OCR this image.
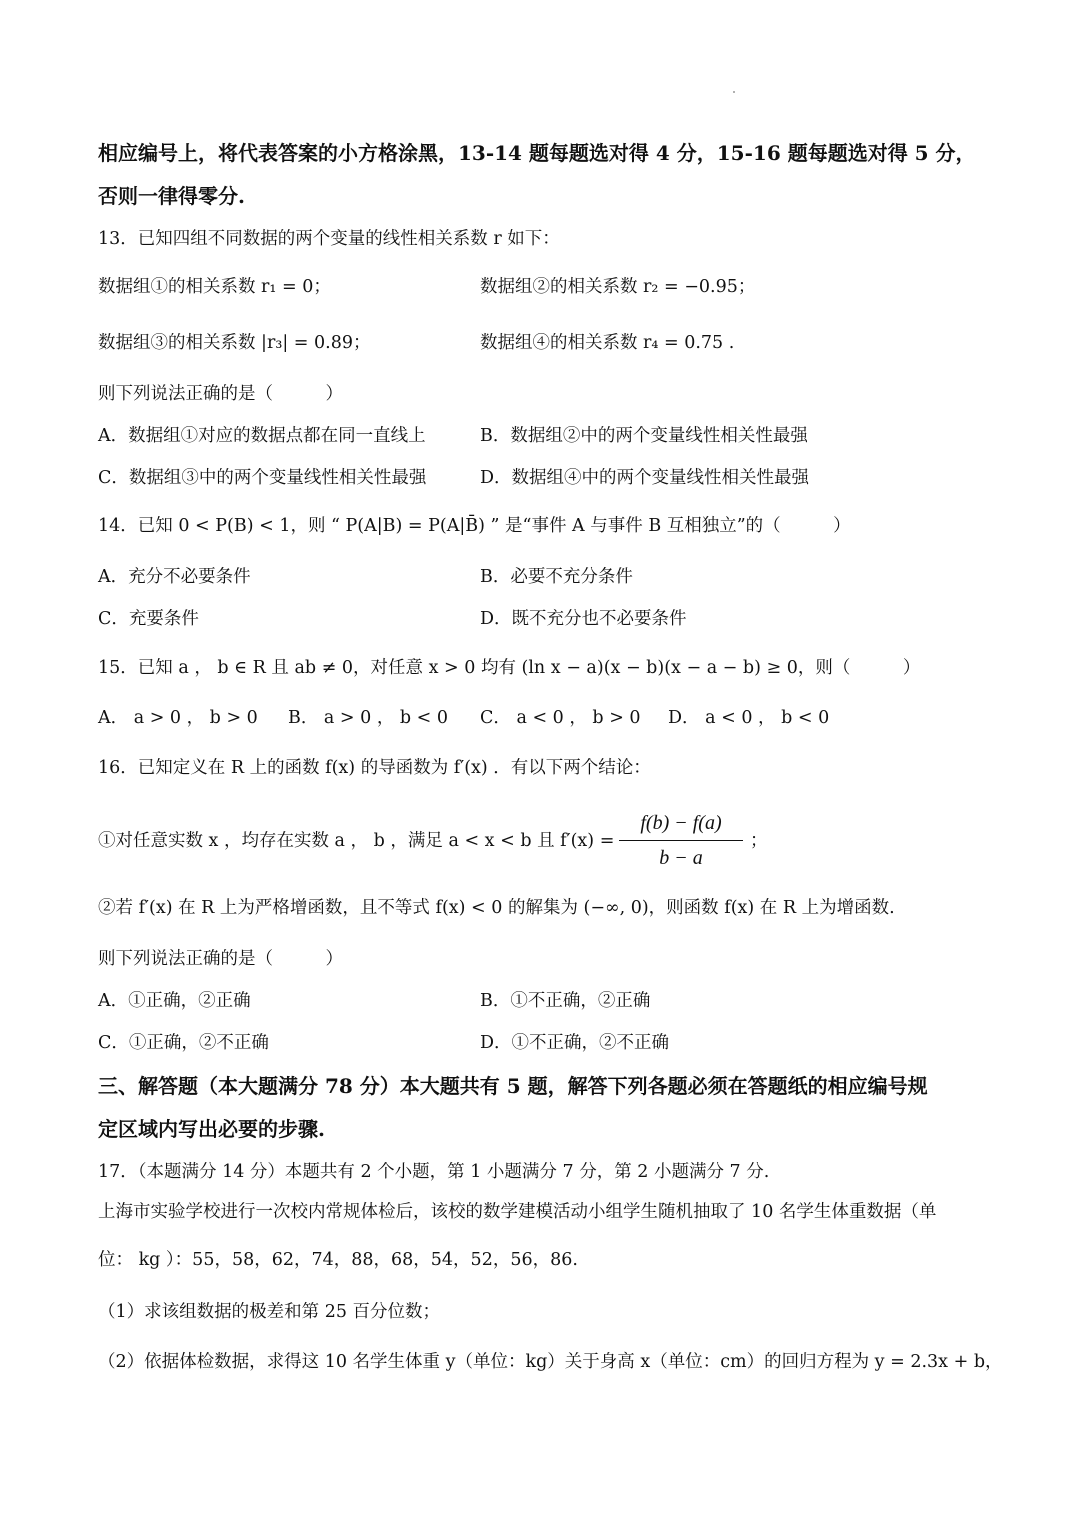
相应编号上，将代表答案的小方格涂黑，13-14 题每题选对得 4 分，15-16 题每题选对得 5 分，
否则一律得零分.
13．已知四组不同数据的两个变量的线性相关系数 r 如下：
数据组①的相关系数 r₁ = 0；	数据组②的相关系数 r₂ = −0.95；
数据组③的相关系数 |r₃| = 0.89；	数据组④的相关系数 r₄ = 0.75 .
则下列说法正确的是（　　　）
A．数据组①对应的数据点都在同一直线上	B．数据组②中的两个变量线性相关性最强
C．数据组③中的两个变量线性相关性最强	D．数据组④中的两个变量线性相关性最强
14．已知 0 < P(B) < 1，则 “ P(A|B) = P(A|B̄) ” 是“事件 A 与事件 B 互相独立”的（　　　）
A．充分不必要条件	B．必要不充分条件
C．充要条件	D．既不充分也不必要条件
15．已知 a ， b ∈ R 且 ab ≠ 0，对任意 x > 0 均有 (ln x − a)(x − b)(x − a − b) ≥ 0，则（　　　）
A． a > 0 ， b > 0 B． a > 0 ， b < 0 C． a < 0 ， b > 0 D． a < 0 ， b < 0
16．已知定义在 R 上的函数 f(x) 的导函数为 f′(x) ．有以下两个结论：
①对任意实数 x ，均存在实数 a ， b ，满足 a < x < b 且 f′(x) =
f(b) − f(a)
b − a
；
②若 f′(x) 在 R 上为严格增函数，且不等式 f(x) < 0 的解集为 (−∞, 0)，则函数 f(x) 在 R 上为增函数.
则下列说法正确的是（　　　）
A．①正确，②正确	B．①不正确，②正确
C．①正确，②不正确	D．①不正确，②不正确
三、解答题（本大题满分 78 分）本大题共有 5 题，解答下列各题必须在答题纸的相应编号规
定区域内写出必要的步骤.
17．（本题满分 14 分）本题共有 2 个小题，第 1 小题满分 7 分，第 2 小题满分 7 分.
上海市实验学校进行一次校内常规体检后，该校的数学建模活动小组学生随机抽取了 10 名学生体重数据（单
位： kg ）：55，58，62，74，88，68，54，52，56，86.
（1）求该组数据的极差和第 25 百分位数；
（2）依据体检数据，求得这 10 名学生体重 y（单位：kg）关于身高 x（单位：cm）的回归方程为 y = 2.3x + b，
